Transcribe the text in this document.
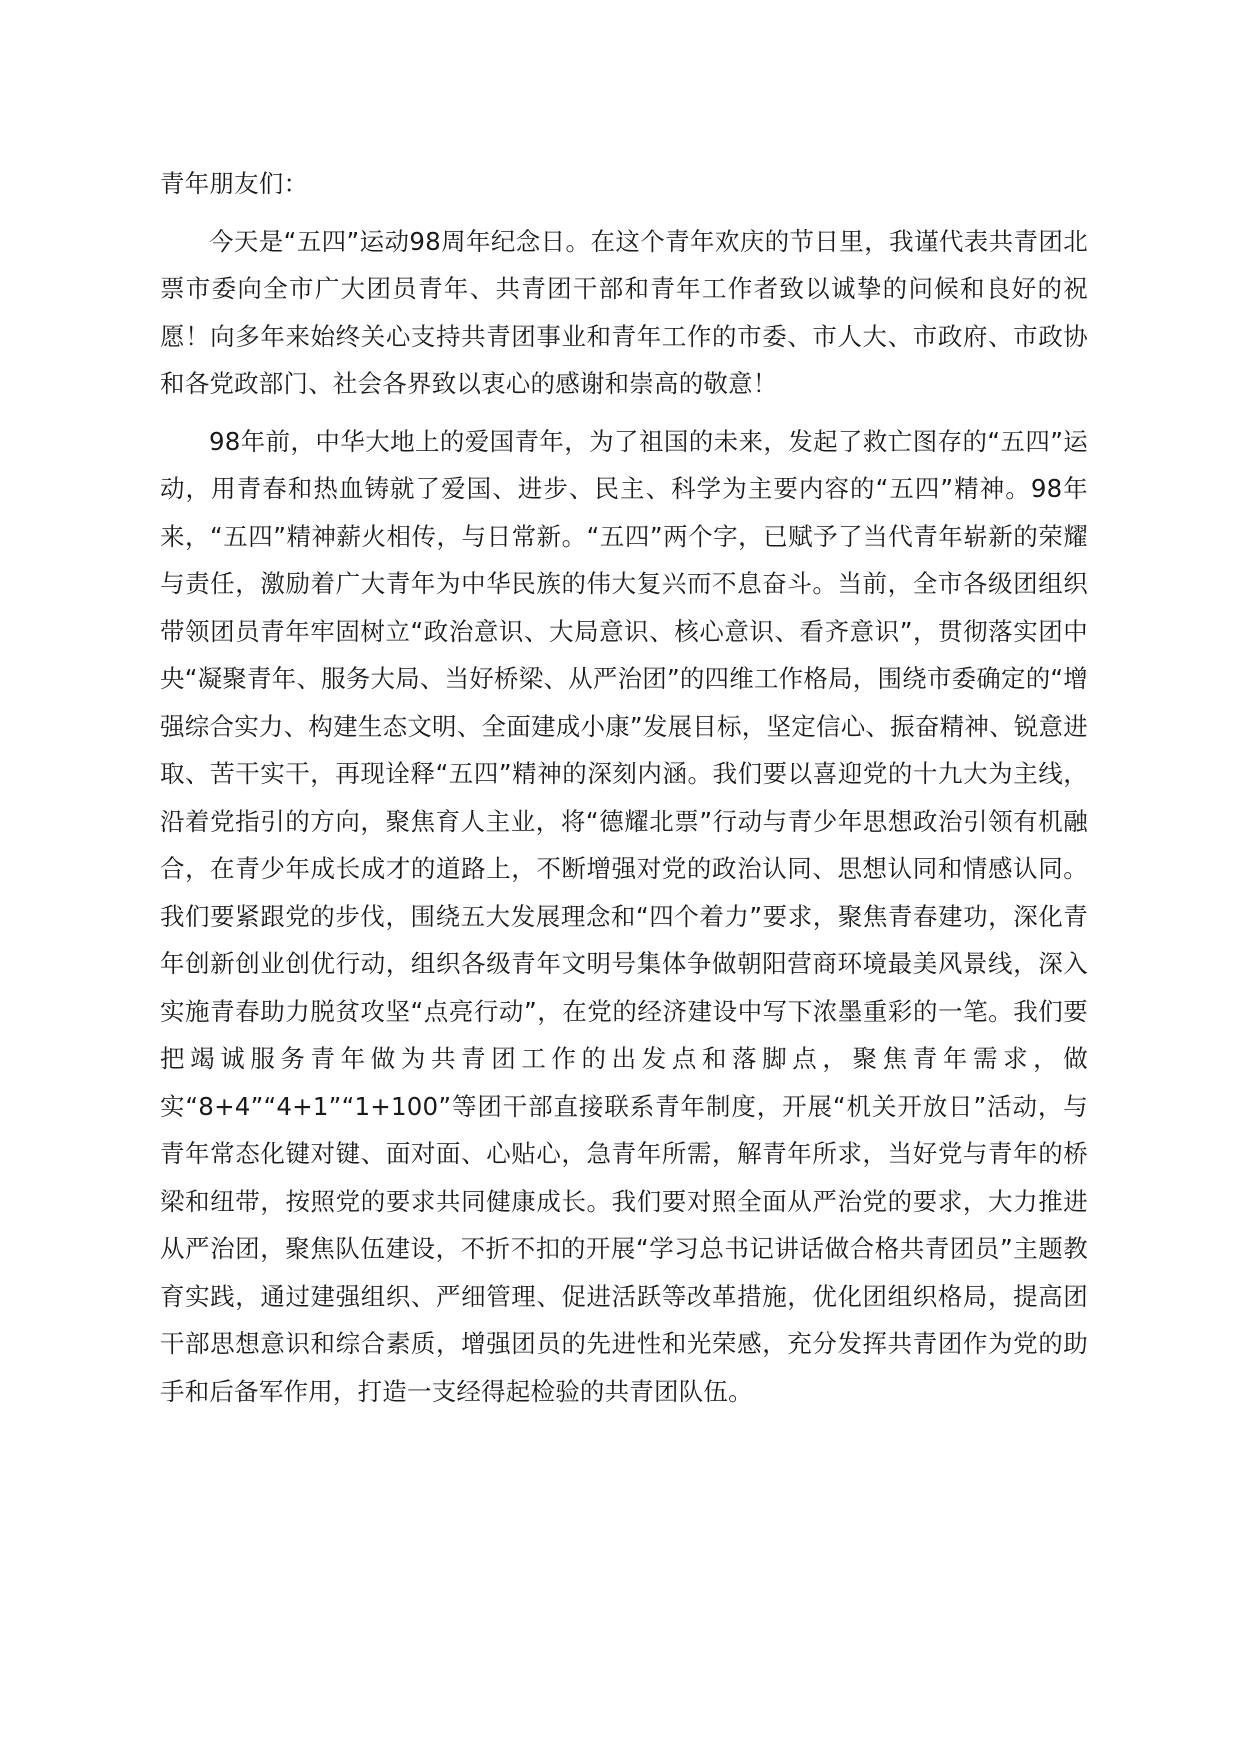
青年朋友们：

今天是“五四”运动98周年纪念日。在这个青年欢庆的节日里，我谨代表共青团北票市委向全市广大团员青年、共青团干部和青年工作者致以诚挚的问候和良好的祝愿！向多年来始终关心支持共青团事业和青年工作的市委、市人大、市政府、市政协和各党政部门、社会各界致以衷心的感谢和崇高的敬意！

98年前，中华大地上的爱国青年，为了祖国的未来，发起了救亡图存的“五四”运动，用青春和热血铸就了爱国、进步、民主、科学为主要内容的“五四”精神。98年来，“五四”精神薪火相传，与日常新。“五四”两个字，已赋予了当代青年崭新的荣耀与责任，激励着广大青年为中华民族的伟大复兴而不息奋斗。当前，全市各级团组织带领团员青年牢固树立“政治意识、大局意识、核心意识、看齐意识”，贯彻落实团中央“凝聚青年、服务大局、当好桥梁、从严治团”的四维工作格局，围绕市委确定的“增强综合实力、构建生态文明、全面建成小康”发展目标，坚定信心、振奋精神、锐意进取、苦干实干，再现诠释“五四”精神的深刻内涵。我们要以喜迎党的十九大为主线，沿着党指引的方向，聚焦育人主业，将“德耀北票”行动与青少年思想政治引领有机融合，在青少年成长成才的道路上，不断增强对党的政治认同、思想认同和情感认同。我们要紧跟党的步伐，围绕五大发展理念和“四个着力”要求，聚焦青春建功，深化青年创新创业创优行动，组织各级青年文明号集体争做朝阳营商环境最美风景线，深入实施青春助力脱贫攻坚“点亮行动”，在党的经济建设中写下浓墨重彩的一笔。我们要把竭诚服务青年做为共青团工作的出发点和落脚点，聚焦青年需求，做实“8+4”“4+1”“1+100”等团干部直接联系青年制度，开展“机关开放日”活动，与青年常态化键对键、面对面、心贴心，急青年所需，解青年所求，当好党与青年的桥梁和纽带，按照党的要求共同健康成长。我们要对照全面从严治党的要求，大力推进从严治团，聚焦队伍建设，不折不扣的开展“学习总书记讲话做合格共青团员”主题教育实践，通过建强组织、严细管理、促进活跃等改革措施，优化团组织格局，提高团干部思想意识和综合素质，增强团员的先进性和光荣感，充分发挥共青团作为党的助手和后备军作用，打造一支经得起检验的共青团队伍。
